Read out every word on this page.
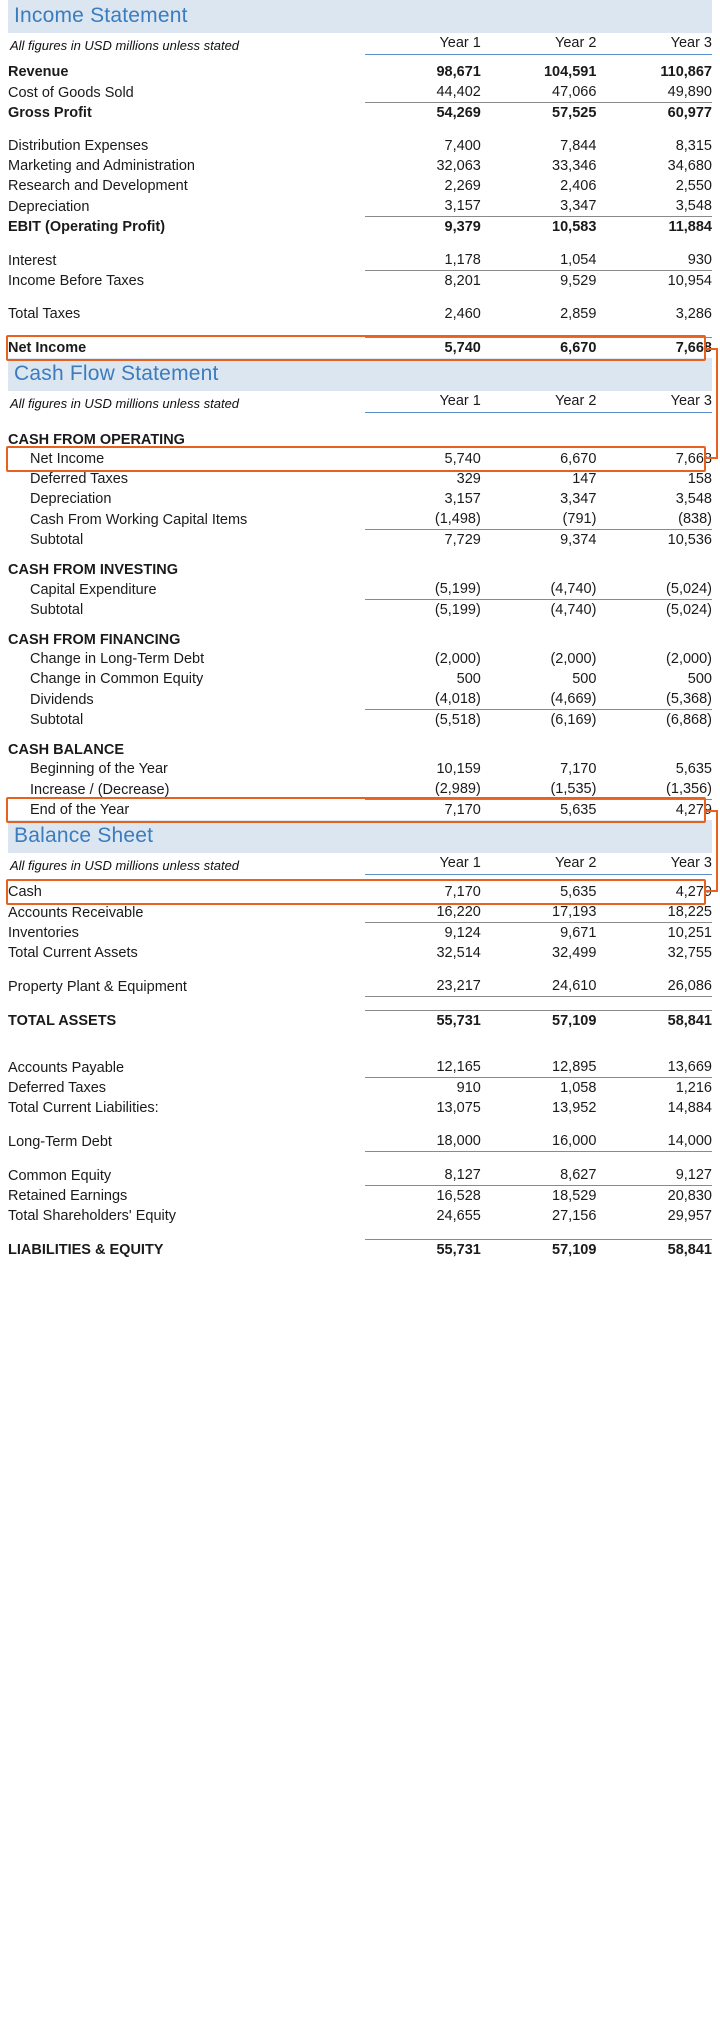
Income Statement
All figures in USD millions unless stated	Year 1	Year 2	Year 3

Revenue	98,671	104,591	110,867
Cost of Goods Sold	44,402	47,066	49,890
Gross Profit	54,269	57,525	60,977

Distribution Expenses	7,400	7,844	8,315
Marketing and Administration	32,063	33,346	34,680
Research and Development	2,269	2,406	2,550
Depreciation	3,157	3,347	3,548
EBIT (Operating Profit)	9,379	10,583	11,884

Interest	1,178	1,054	930
Income Before Taxes	8,201	9,529	10,954

Total Taxes	2,460	2,859	3,286

Net Income	5,740	6,670	7,668
Cash Flow Statement
All figures in USD millions unless stated	Year 1	Year 2	Year 3

CASH FROM OPERATING			
Net Income	5,740	6,670	7,668
Deferred Taxes	329	147	158
Depreciation	3,157	3,347	3,548
Cash From Working Capital Items	(1,498)	(791)	(838)
Subtotal	7,729	9,374	10,536
CASH FROM INVESTING			
Capital Expenditure	(5,199)	(4,740)	(5,024)
Subtotal	(5,199)	(4,740)	(5,024)
CASH FROM FINANCING			
Change in Long-Term Debt	(2,000)	(2,000)	(2,000)
Change in Common Equity	500	500	500
Dividends	(4,018)	(4,669)	(5,368)
Subtotal	(5,518)	(6,169)	(6,868)
CASH BALANCE			
Beginning of the Year	10,159	7,170	5,635
Increase / (Decrease)	(2,989)	(1,535)	(1,356)
End of the Year	7,170	5,635	4,279
Balance Sheet
All figures in USD millions unless stated	Year 1	Year 2	Year 3

Cash	7,170	5,635	4,279
Accounts Receivable	16,220	17,193	18,225
Inventories	9,124	9,671	10,251
Total Current Assets	32,514	32,499	32,755

Property Plant & Equipment	23,217	24,610	26,086

TOTAL ASSETS	55,731	57,109	58,841

Accounts Payable	12,165	12,895	13,669
Deferred Taxes	910	1,058	1,216
Total Current Liabilities:	13,075	13,952	14,884

Long-Term Debt	18,000	16,000	14,000

Common Equity	8,127	8,627	9,127
Retained Earnings	16,528	18,529	20,830
Total Shareholders' Equity	24,655	27,156	29,957

LIABILITIES & EQUITY	55,731	57,109	58,841
